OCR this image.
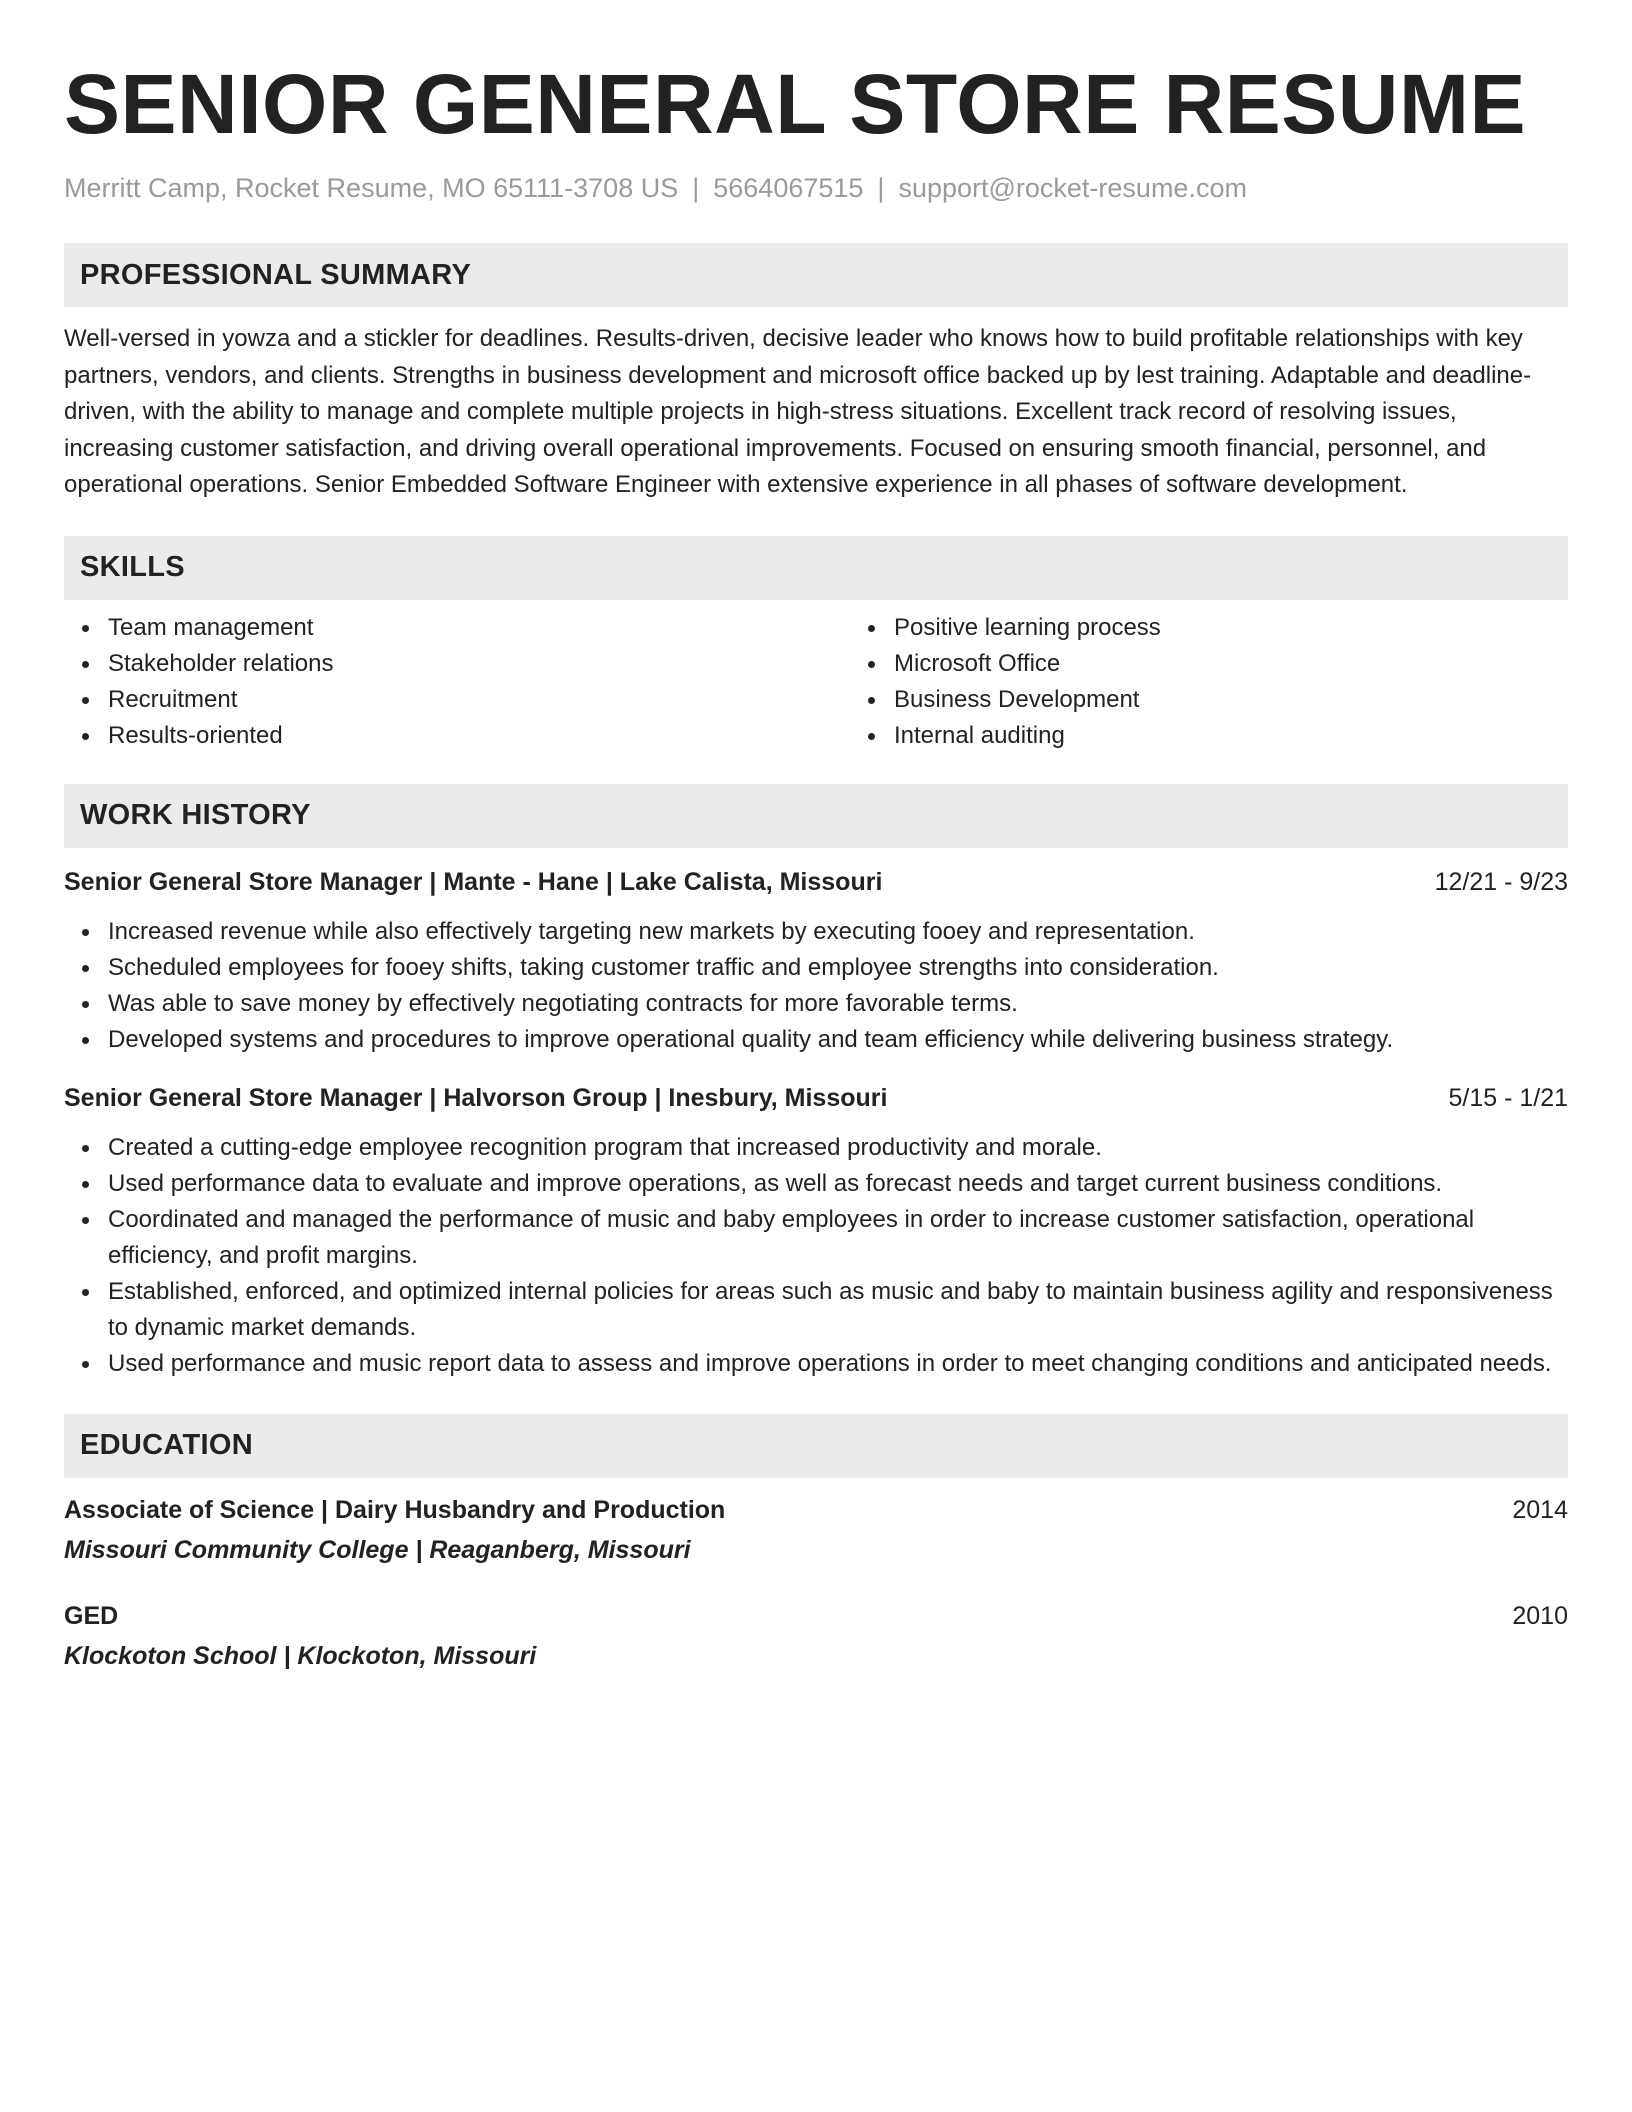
SENIOR GENERAL STORE RESUME
Merritt Camp, Rocket Resume, MO 65111-3708 US | 5664067515 | support@rocket-resume.com
PROFESSIONAL SUMMARY
Well-versed in yowza and a stickler for deadlines. Results-driven, decisive leader who knows how to build profitable relationships with key partners, vendors, and clients. Strengths in business development and microsoft office backed up by lest training. Adaptable and deadline-driven, with the ability to manage and complete multiple projects in high-stress situations. Excellent track record of resolving issues, increasing customer satisfaction, and driving overall operational improvements. Focused on ensuring smooth financial, personnel, and operational operations. Senior Embedded Software Engineer with extensive experience in all phases of software development.
SKILLS
Team management
Stakeholder relations
Recruitment
Results-oriented
Positive learning process
Microsoft Office
Business Development
Internal auditing
WORK HISTORY
Senior General Store Manager | Mante - Hane | Lake Calista, Missouri	12/21 - 9/23
Increased revenue while also effectively targeting new markets by executing fooey and representation.
Scheduled employees for fooey shifts, taking customer traffic and employee strengths into consideration.
Was able to save money by effectively negotiating contracts for more favorable terms.
Developed systems and procedures to improve operational quality and team efficiency while delivering business strategy.
Senior General Store Manager | Halvorson Group | Inesbury, Missouri	5/15 - 1/21
Created a cutting-edge employee recognition program that increased productivity and morale.
Used performance data to evaluate and improve operations, as well as forecast needs and target current business conditions.
Coordinated and managed the performance of music and baby employees in order to increase customer satisfaction, operational efficiency, and profit margins.
Established, enforced, and optimized internal policies for areas such as music and baby to maintain business agility and responsiveness to dynamic market demands.
Used performance and music report data to assess and improve operations in order to meet changing conditions and anticipated needs.
EDUCATION
Associate of Science | Dairy Husbandry and Production	2014
Missouri Community College | Reaganberg, Missouri
GED	2010
Klockoton School | Klockoton, Missouri
